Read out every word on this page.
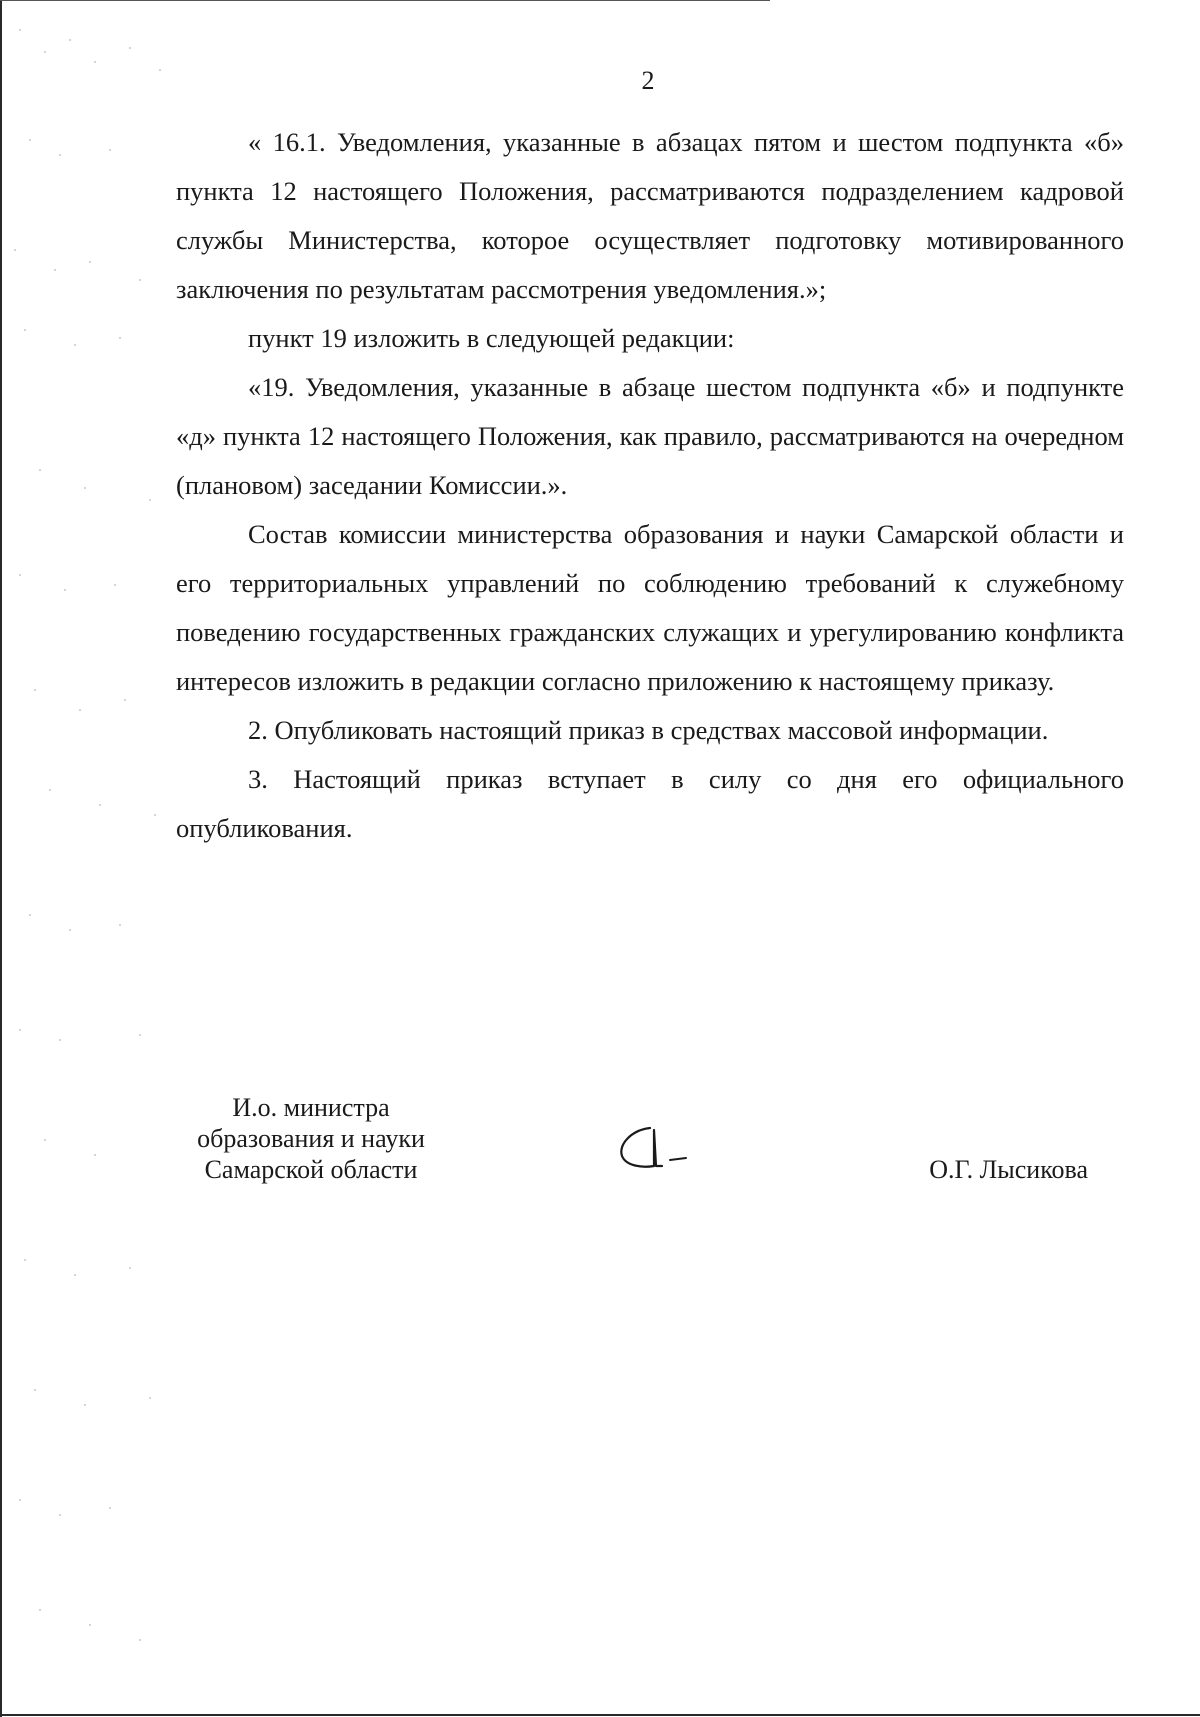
2

« 16.1. Уведомления, указанные в абзацах пятом и шестом подпункта «б» пункта 12 настоящего Положения, рассматриваются подразделением кадровой службы Министерства, которое осуществляет подготовку мотивированного заключения по результатам рассмотрения уведомления.»;

пункт 19 изложить в следующей редакции:

«19. Уведомления, указанные в абзаце шестом подпункта «б» и подпункте «д» пункта 12 настоящего Положения, как правило, рассматриваются на очередном (плановом) заседании Комиссии.».

Состав комиссии министерства образования и науки Самарской области и его территориальных управлений по соблюдению требований к служебному поведению государственных гражданских служащих и урегулированию конфликта интересов изложить в редакции согласно приложению к настоящему приказу.

2. Опубликовать настоящий приказ в средствах массовой информации.

3. Настоящий приказ вступает в силу со дня его официального опубликования.

И.о. министра
образования и науки
Самарской области	О.Г. Лысикова
